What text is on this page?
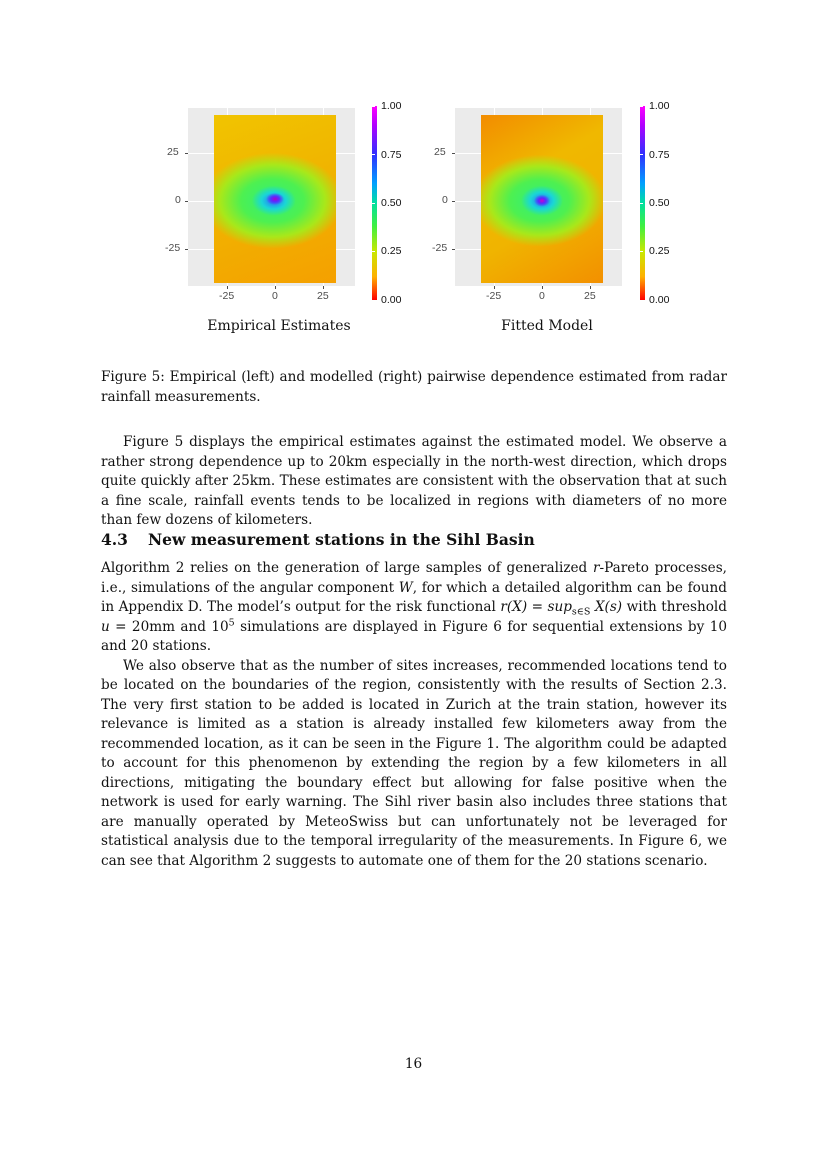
25
0
-25
-25	0	25
1.00
0.75
0.50
0.25
0.00
Empirical Estimates
25
0
-25
-25	0	25
1.00
0.75
0.50
0.25
0.00
Fitted Model
Figure 5: Empirical (left) and modelled (right) pairwise dependence estimated from radar rainfall measurements.

Figure 5 displays the empirical estimates against the estimated model. We observe a rather strong dependence up to 20km especially in the north-west direction, which drops quite quickly after 25km. These estimates are consistent with the observation that at such a fine scale, rainfall events tends to be localized in regions with diameters of no more than few dozens of kilometers.

4.3 New measurement stations in the Sihl Basin

Algorithm 2 relies on the generation of large samples of generalized r-Pareto processes, i.e., simulations of the angular component W, for which a detailed algorithm can be found in Appendix D. The model’s output for the risk functional r(X) = sup$_{s\in S}$ X(s) with threshold u = 20mm and $10^5$ simulations are displayed in Figure 6 for sequential extensions by 10 and 20 stations.

We also observe that as the number of sites increases, recommended locations tend to be located on the boundaries of the region, consistently with the results of Section 2.3. The very first station to be added is located in Zurich at the train station, however its relevance is limited as a station is already installed few kilometers away from the recommended location, as it can be seen in the Figure 1. The algorithm could be adapted to account for this phenomenon by extending the region by a few kilometers in all directions, mitigating the boundary effect but allowing for false positive when the network is used for early warning. The Sihl river basin also includes three stations that are manually operated by MeteoSwiss but can unfortunately not be leveraged for statistical analysis due to the temporal irregularity of the measurements. In Figure 6, we can see that Algorithm 2 suggests to automate one of them for the 20 stations scenario.

16
